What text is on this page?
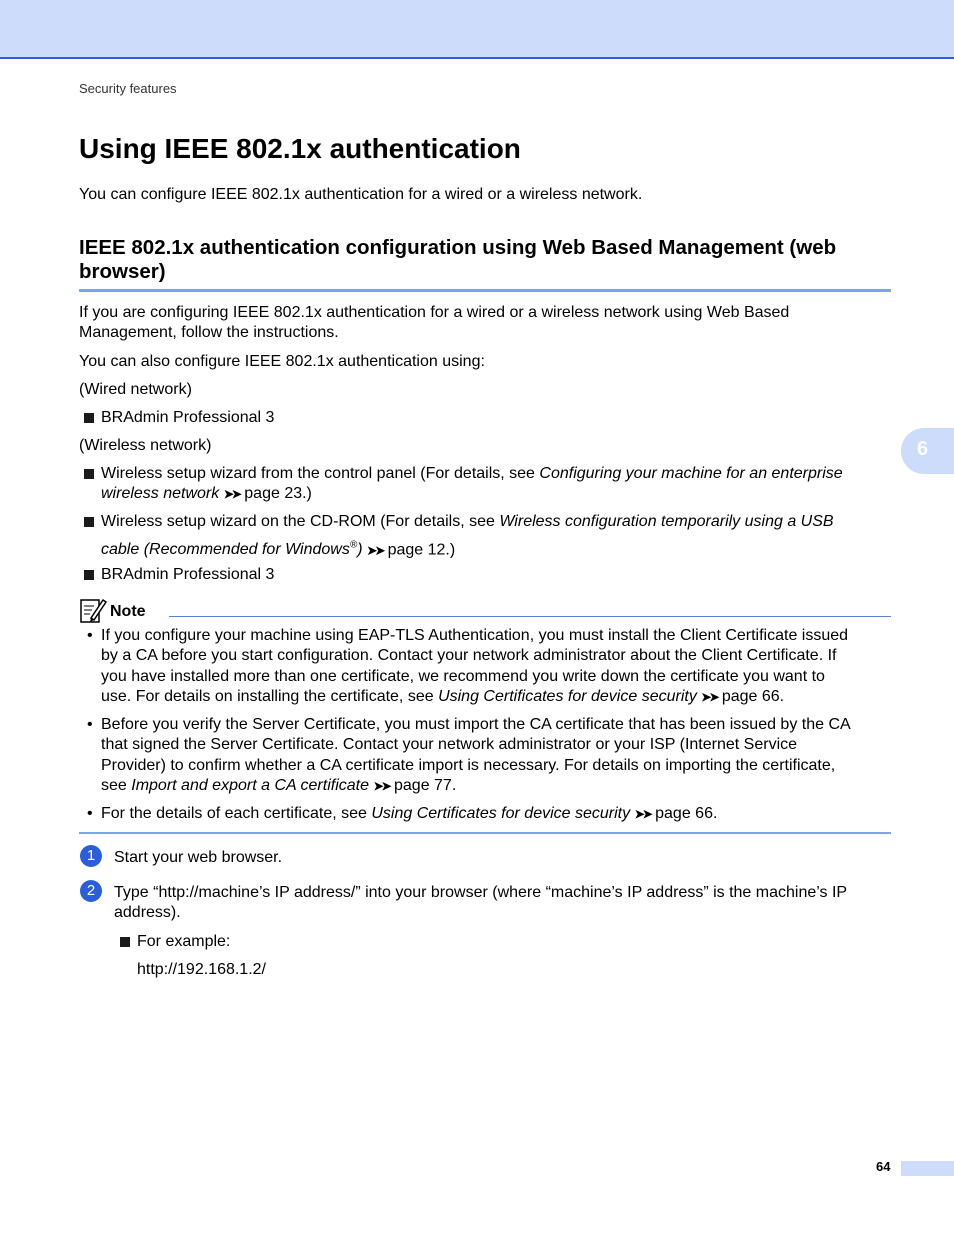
Security features
Using IEEE 802.1x authentication

You can configure IEEE 802.1x authentication for a wired or a wireless network.

IEEE 802.1x authentication configuration using Web Based Management (web
browser)

If you are configuring IEEE 802.1x authentication for a wired or a wireless network using Web Based
Management, follow the instructions.

You can also configure IEEE 802.1x authentication using:

(Wired network)

BRAdmin Professional 3

(Wireless network)

Wireless setup wizard from the control panel (For details, see Configuring your machine for an enterprise
wireless network ➤➤ page 23.)
Wireless setup wizard on the CD-ROM (For details, see Wireless configuration temporarily using a USB
cable (Recommended for Windows®) ➤➤ page 12.)
BRAdmin Professional 3
6
Note
• If you configure your machine using EAP-TLS Authentication, you must install the Client Certificate issued
by a CA before you start configuration. Contact your network administrator about the Client Certificate. If
you have installed more than one certificate, we recommend you write down the certificate you want to
use. For details on installing the certificate, see Using Certificates for device security ➤➤ page 66.
• Before you verify the Server Certificate, you must import the CA certificate that has been issued by the CA
that signed the Server Certificate. Contact your network administrator or your ISP (Internet Service
Provider) to confirm whether a CA certificate import is necessary. For details on importing the certificate,
see Import and export a CA certificate ➤➤ page 77.
• For the details of each certificate, see Using Certificates for device security ➤➤ page 66.
1	Start your web browser.
2	Type “http://machine’s IP address/” into your browser (where “machine’s IP address” is the machine’s IP
address).
For example:
http://192.168.1.2/
64
